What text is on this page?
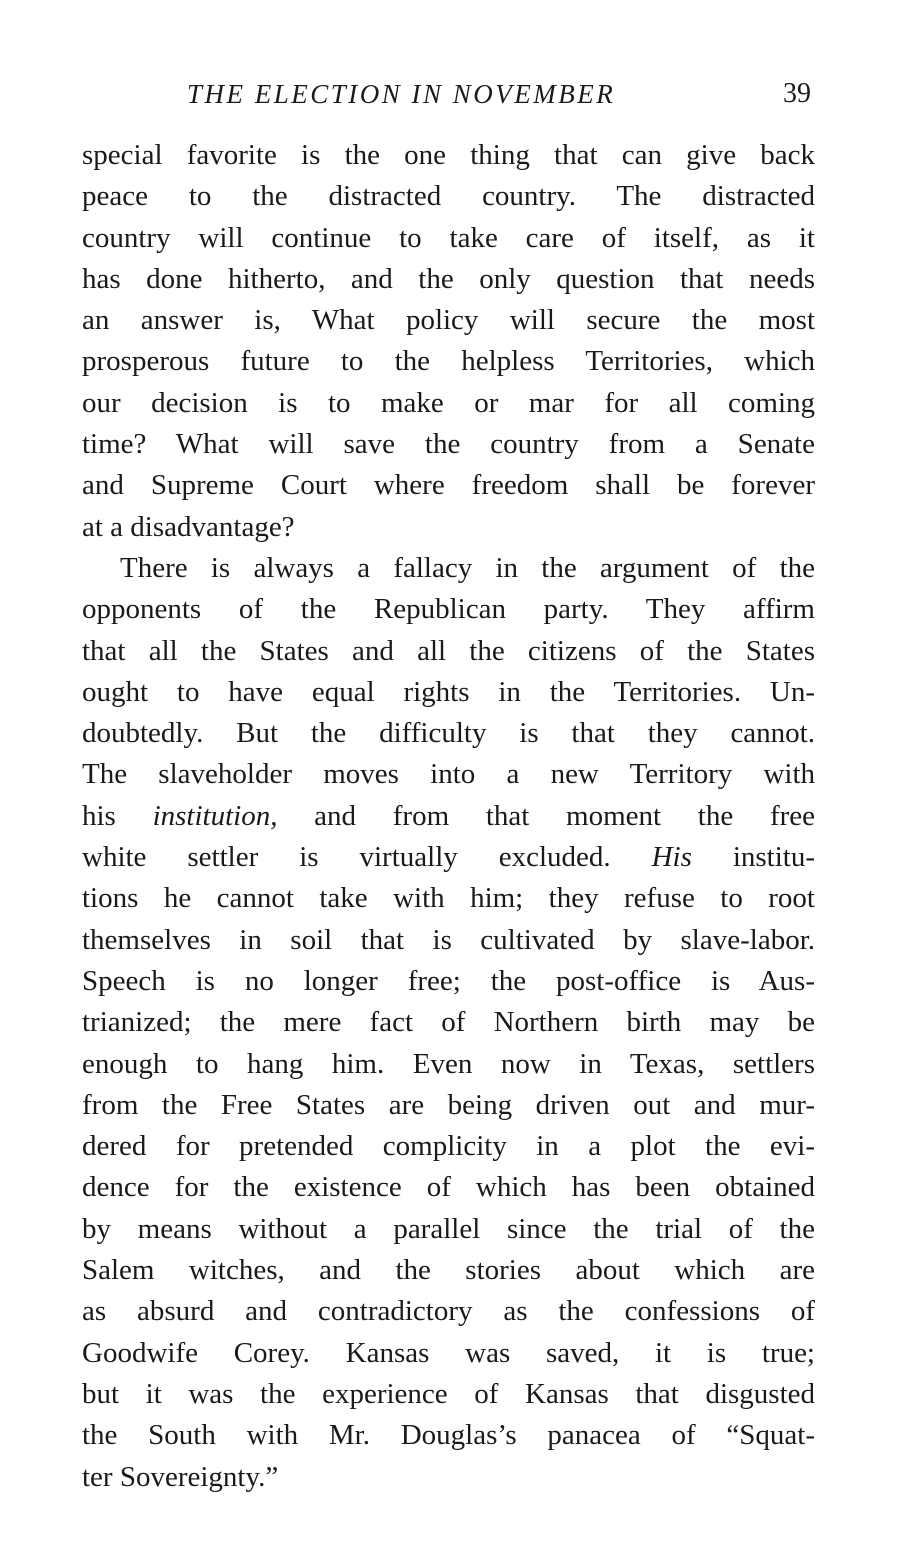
THE ELECTION IN NOVEMBER	39
special favorite is the one thing that can give back
peace to the distracted country. The distracted
country will continue to take care of itself, as it
has done hitherto, and the only question that needs
an answer is, What policy will secure the most
prosperous future to the helpless Territories, which
our decision is to make or mar for all coming
time? What will save the country from a Senate
and Supreme Court where freedom shall be forever
at a disadvantage?
There is always a fallacy in the argument of the
opponents of the Republican party. They affirm
that all the States and all the citizens of the States
ought to have equal rights in the Territories. Un-
doubtedly. But the difficulty is that they cannot.
The slaveholder moves into a new Territory with
his institution, and from that moment the free
white settler is virtually excluded. His institu-
tions he cannot take with him; they refuse to root
themselves in soil that is cultivated by slave-labor.
Speech is no longer free; the post-office is Aus-
trianized; the mere fact of Northern birth may be
enough to hang him. Even now in Texas, settlers
from the Free States are being driven out and mur-
dered for pretended complicity in a plot the evi-
dence for the existence of which has been obtained
by means without a parallel since the trial of the
Salem witches, and the stories about which are
as absurd and contradictory as the confessions of
Goodwife Corey. Kansas was saved, it is true;
but it was the experience of Kansas that disgusted
the South with Mr. Douglas’s panacea of “Squat-
ter Sovereignty.”
